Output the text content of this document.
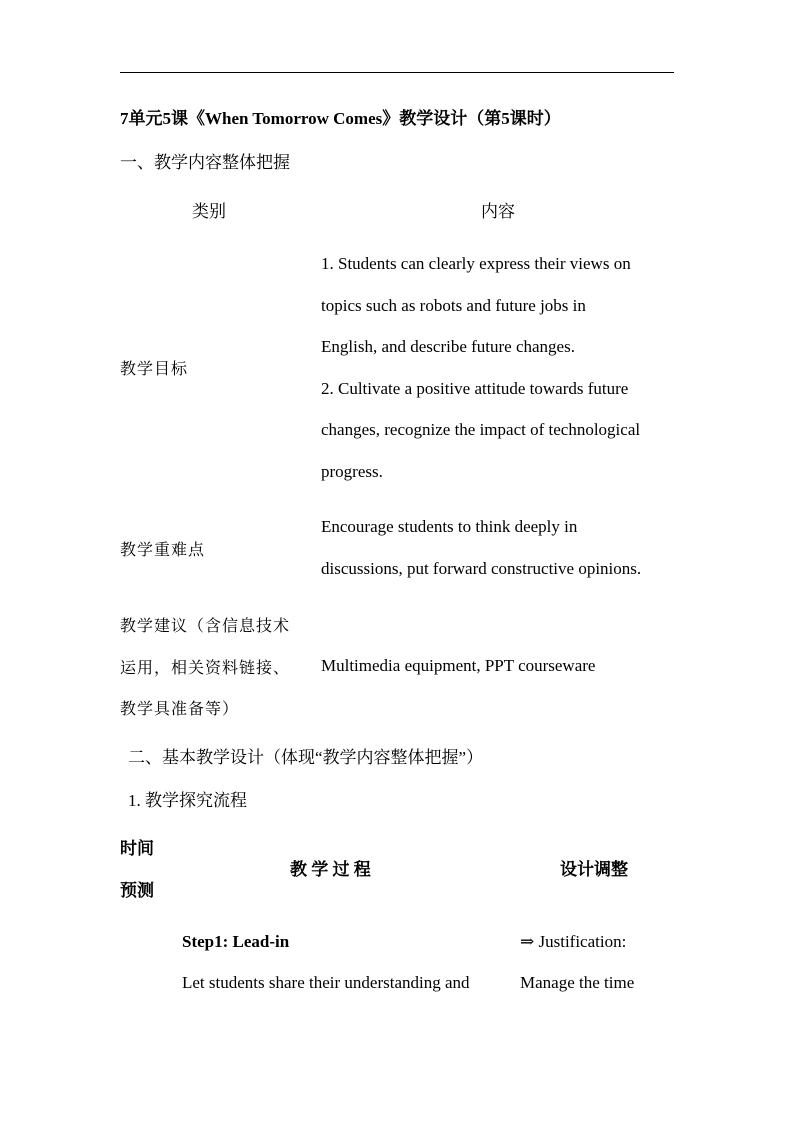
7单元5课《When Tomorrow Comes》教学设计（第5课时）
一、教学内容整体把握
类别	内容
教学目标
1. Students can clearly express their views on
topics such as robots and future jobs in
English, and describe future changes.
2. Cultivate a positive attitude towards future
changes, recognize the impact of technological
progress.
教学重难点
Encourage students to think deeply in
discussions, put forward constructive opinions.
教学建议（含信息技术
运用，相关资料链接、
教学具准备等）
Multimedia equipment, PPT courseware
二、基本教学设计（体现“教学内容整体把握”）
1. 教学探究流程
时间
预测
教 学 过 程	设计调整
Step1: Lead-in
Let students share their understanding and
⇒ Justification:
Manage the time
